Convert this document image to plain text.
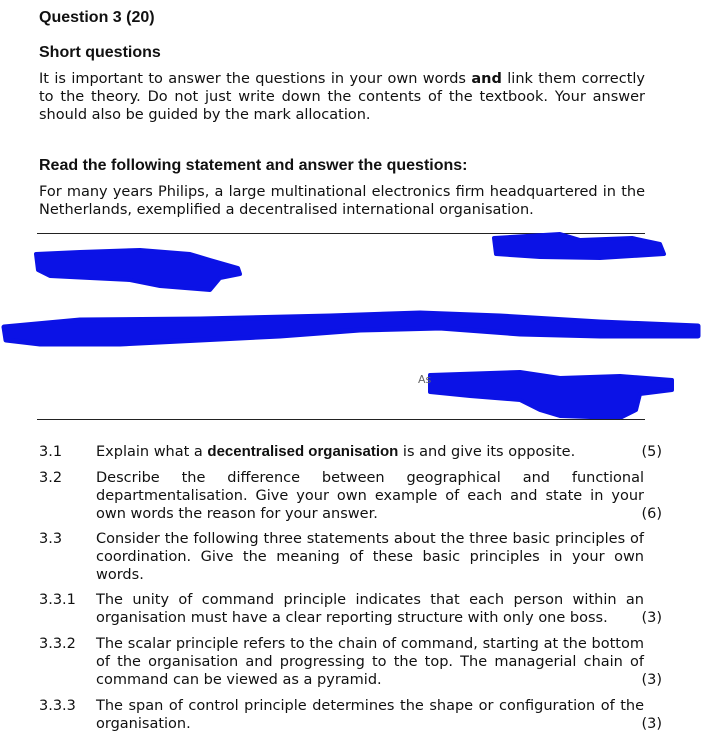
Question 3 (20)
Short questions
It is important to answer the questions in your own words and link them correctly to the theory. Do not just write down the contents of the textbook. Your answer should also be guided by the mark allocation.
Read the following statement and answer the questions:
For many years Philips, a large multinational electronics firm headquartered in the Netherlands, exemplified a decentralised international organisation.
As
3.1 Explain what a decentralised organisation is and give its opposite.	(5)
3.2 Describe the difference between geographical and functional departmentalisation. Give your own example of each and state in your own words the reason for your answer.	(6)
3.3 Consider the following three statements about the three basic principles of coordination. Give the meaning of these basic principles in your own words.
3.3.1 The unity of command principle indicates that each person within an organisation must have a clear reporting structure with only one boss.	(3)
3.3.2 The scalar principle refers to the chain of command, starting at the bottom of the organisation and progressing to the top. The managerial chain of command can be viewed as a pyramid.	(3)
3.3.3 The span of control principle determines the shape or configuration of the organisation.	(3)
